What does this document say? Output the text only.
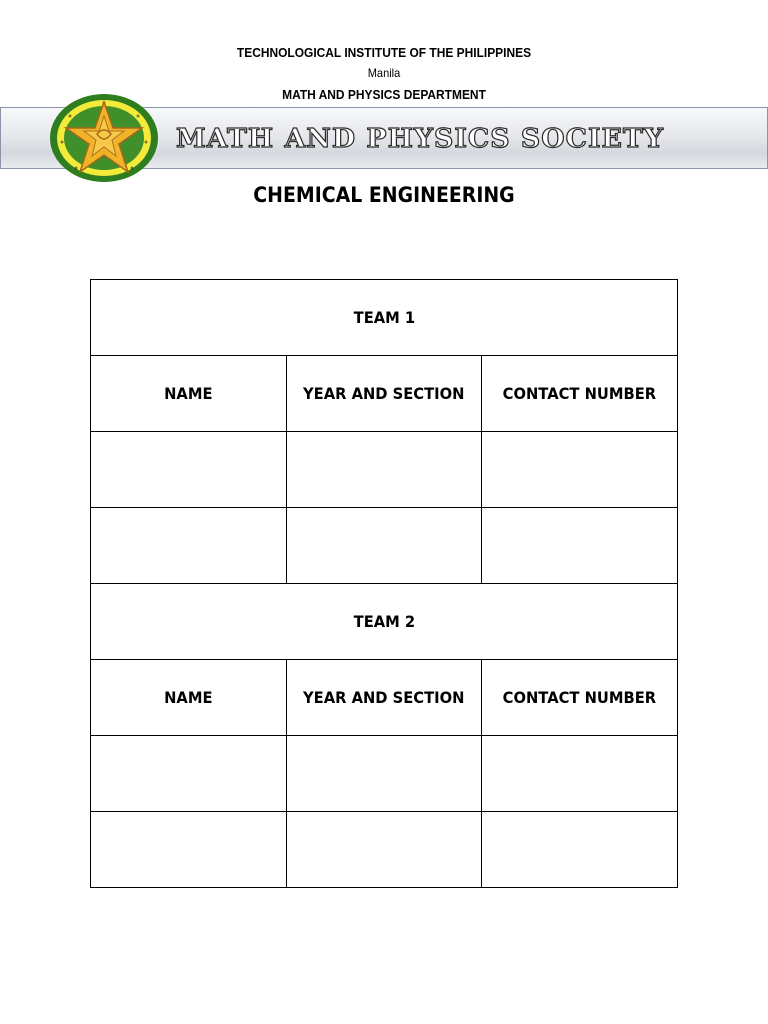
TECHNOLOGICAL INSTITUTE OF THE PHILIPPINES
Manila
MATH AND PHYSICS DEPARTMENT
MATH AND PHYSICS SOCIETY
CHEMICAL ENGINEERING
TEAM 1		
NAME	YEAR AND SECTION	CONTACT NUMBER

TEAM 2		
NAME	YEAR AND SECTION	CONTACT NUMBER
